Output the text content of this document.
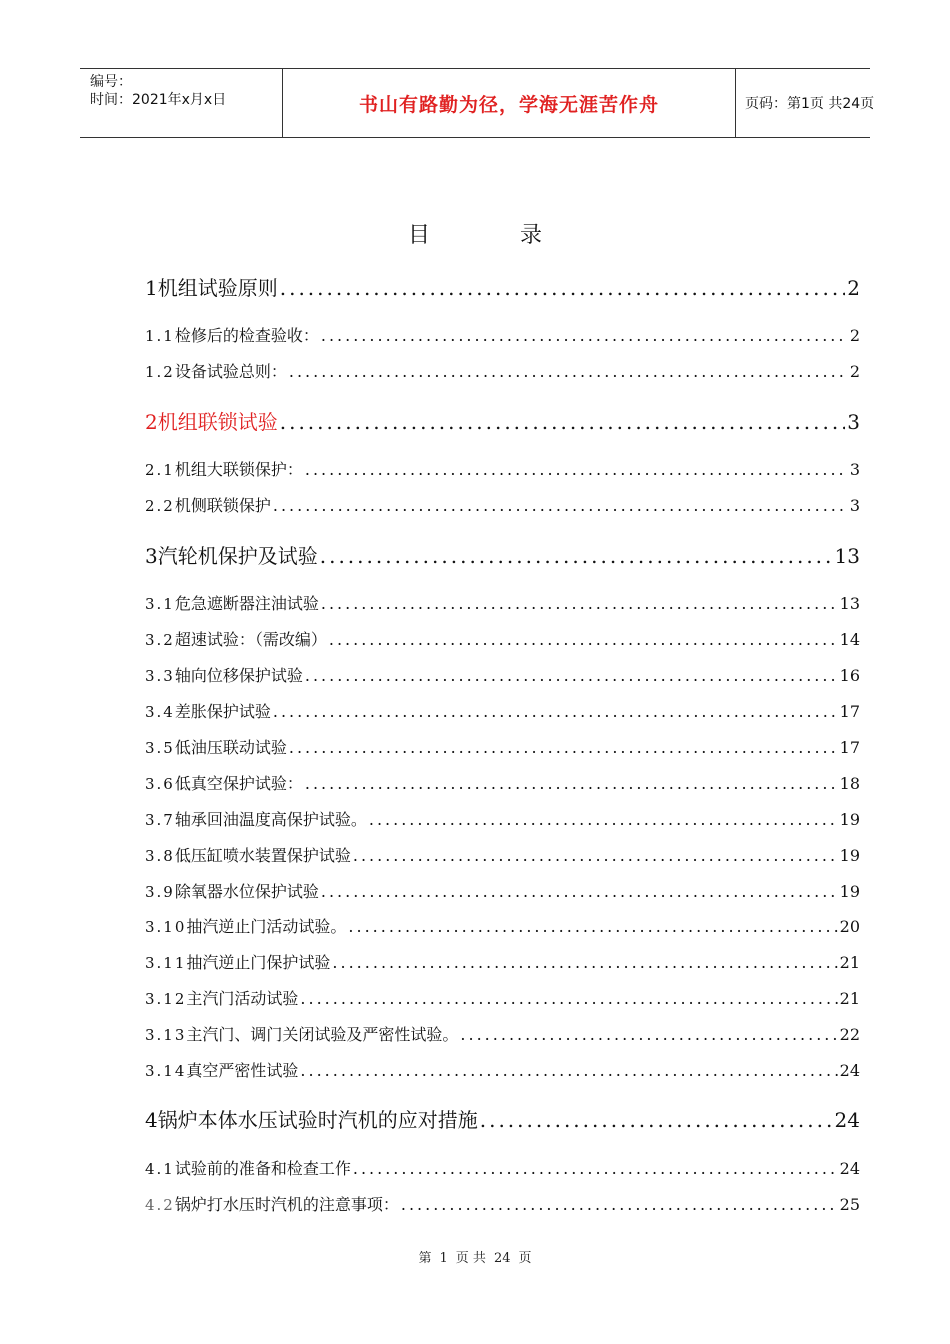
编号：
时间：2021年x月x日	书山有路勤为径，学海无涯苦作舟	页码：第1页 共24页
目录
1 机组试验原则 .....	2
1.1 检修后的检查验收： .....	2
1.2 设备试验总则： .....	2
2 机组联锁试验 .....	3
2.1 机组大联锁保护： .....	3
2.2 机侧联锁保护 .....	3
3 汽轮机保护及试验 .....	13
3.1 危急遮断器注油试验 .....	13
3.2 超速试验：（需改编） .....	14
3.3 轴向位移保护试验 .....	16
3.4 差胀保护试验 .....	17
3.5 低油压联动试验 .....	17
3.6 低真空保护试验： .....	18
3.7 轴承回油温度高保护试验。 .....	19
3.8 低压缸喷水装置保护试验 .....	19
3.9 除氧器水位保护试验 .....	19
3.10 抽汽逆止门活动试验。 .....	20
3.11 抽汽逆止门保护试验 .....	21
3.12 主汽门活动试验 .....	21
3.13 主汽门、调门关闭试验及严密性试验。 .....	22
3.14 真空严密性试验 .....	24
4 锅炉本体水压试验时汽机的应对措施 .....	24
4.1 试验前的准备和检查工作 .....	24
4.2 锅炉打水压时汽机的注意事项： .....	25
第 1 页 共 24 页
